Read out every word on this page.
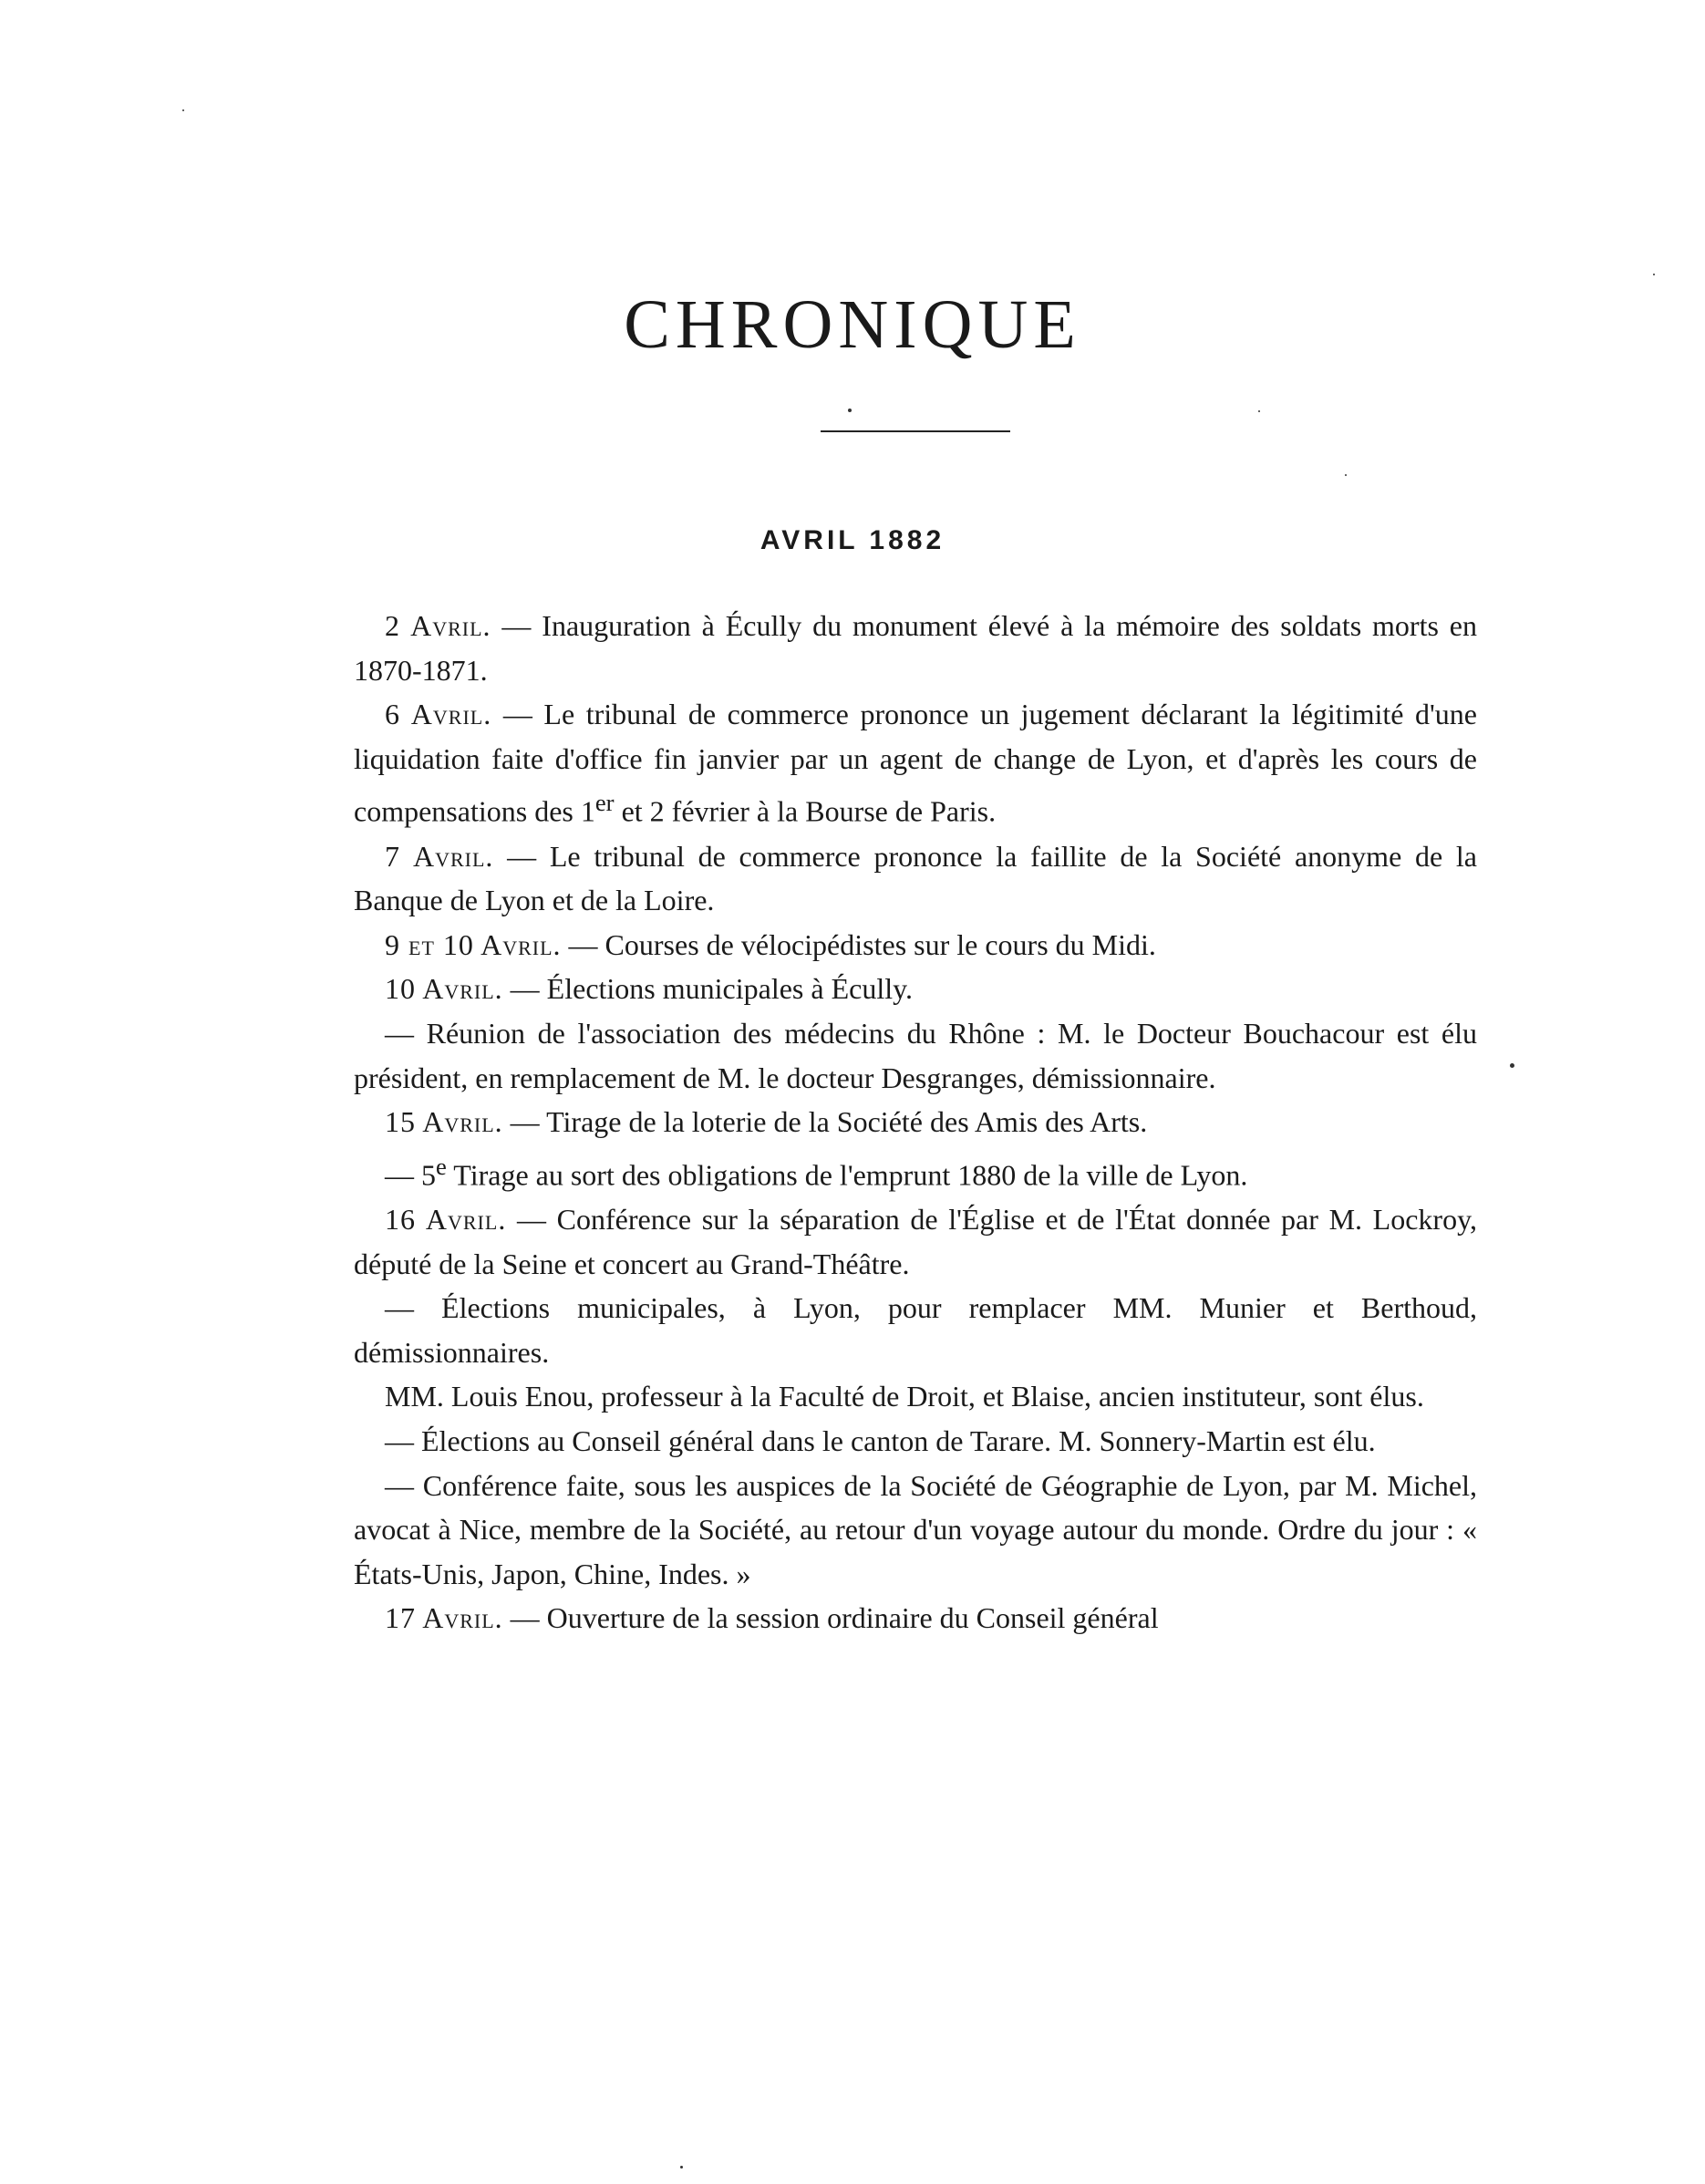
CHRONIQUE
AVRIL 1882

2 Avril. — Inauguration à Écully du monument élevé à la mémoire des soldats morts en 1870-1871.

6 Avril. — Le tribunal de commerce prononce un jugement déclarant la légitimité d'une liquidation faite d'office fin janvier par un agent de change de Lyon, et d'après les cours de compensations des 1er et 2 février à la Bourse de Paris.

7 Avril. — Le tribunal de commerce prononce la faillite de la Société anonyme de la Banque de Lyon et de la Loire.

9 et 10 Avril. — Courses de vélocipédistes sur le cours du Midi.

10 Avril. — Élections municipales à Écully.

— Réunion de l'association des médecins du Rhône : M. le Docteur Bouchacour est élu président, en remplacement de M. le docteur Desgranges, démissionnaire.

15 Avril. — Tirage de la loterie de la Société des Amis des Arts.

— 5e Tirage au sort des obligations de l'emprunt 1880 de la ville de Lyon.

16 Avril. — Conférence sur la séparation de l'Église et de l'État donnée par M. Lockroy, député de la Seine et concert au Grand-Théâtre.

— Élections municipales, à Lyon, pour remplacer MM. Munier et Berthoud, démissionnaires.

MM. Louis Enou, professeur à la Faculté de Droit, et Blaise, ancien instituteur, sont élus.

— Élections au Conseil général dans le canton de Tarare. M. Sonnery-Martin est élu.

— Conférence faite, sous les auspices de la Société de Géographie de Lyon, par M. Michel, avocat à Nice, membre de la Société, au retour d'un voyage autour du monde. Ordre du jour : « États-Unis, Japon, Chine, Indes. »

17 Avril. — Ouverture de la session ordinaire du Conseil général
